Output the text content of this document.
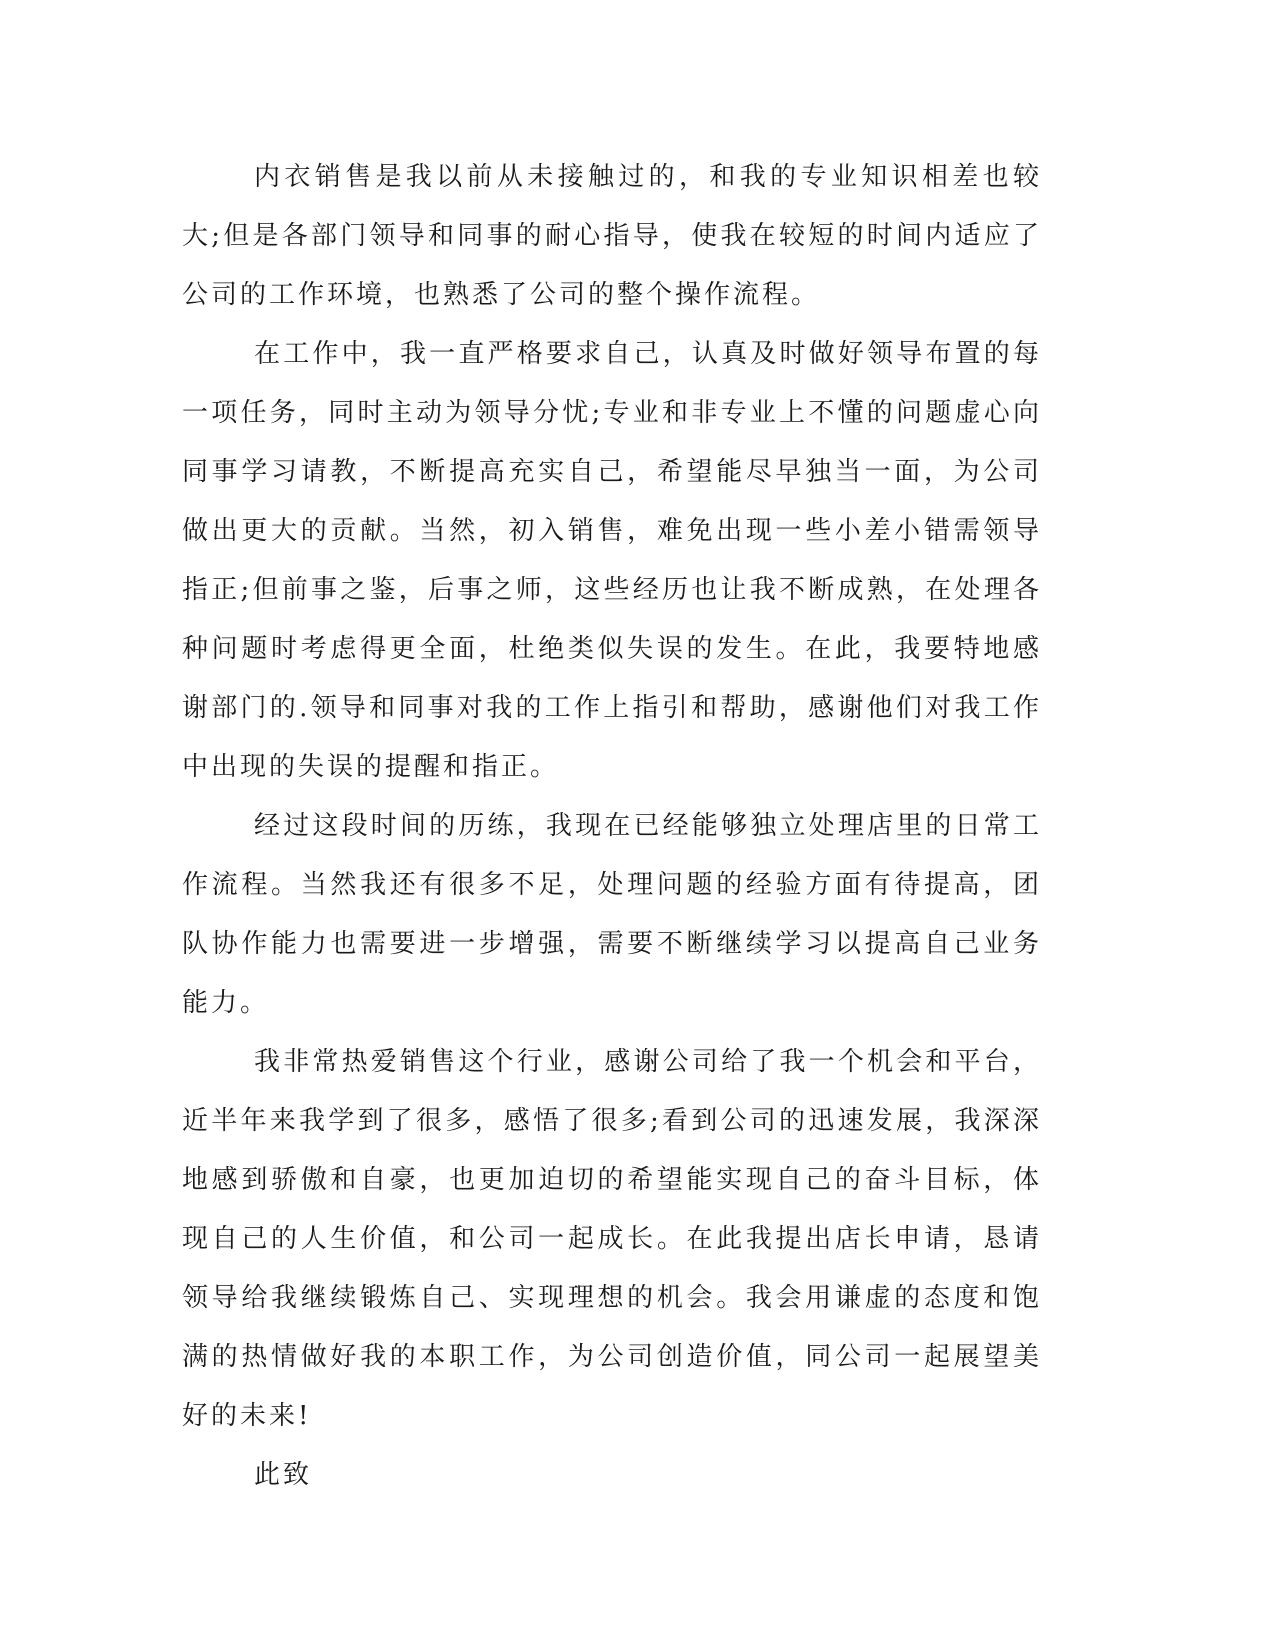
内衣销售是我以前从未接触过的，和我的专业知识相差也较大;但是各部门领导和同事的耐心指导，使我在较短的时间内适应了公司的工作环境，也熟悉了公司的整个操作流程。

在工作中，我一直严格要求自己，认真及时做好领导布置的每一项任务，同时主动为领导分忧;专业和非专业上不懂的问题虚心向同事学习请教，不断提高充实自己，希望能尽早独当一面，为公司做出更大的贡献。当然，初入销售，难免出现一些小差小错需领导指正;但前事之鉴，后事之师，这些经历也让我不断成熟，在处理各种问题时考虑得更全面，杜绝类似失误的发生。在此，我要特地感谢部门的.领导和同事对我的工作上指引和帮助，感谢他们对我工作中出现的失误的提醒和指正。

经过这段时间的历练，我现在已经能够独立处理店里的日常工作流程。当然我还有很多不足，处理问题的经验方面有待提高，团队协作能力也需要进一步增强，需要不断继续学习以提高自己业务能力。

我非常热爱销售这个行业，感谢公司给了我一个机会和平台，近半年来我学到了很多，感悟了很多;看到公司的迅速发展，我深深地感到骄傲和自豪，也更加迫切的希望能实现自己的奋斗目标，体现自己的人生价值，和公司一起成长。在此我提出店长申请，恳请领导给我继续锻炼自己、实现理想的机会。我会用谦虚的态度和饱满的热情做好我的本职工作，为公司创造价值，同公司一起展望美好的未来!

此致
